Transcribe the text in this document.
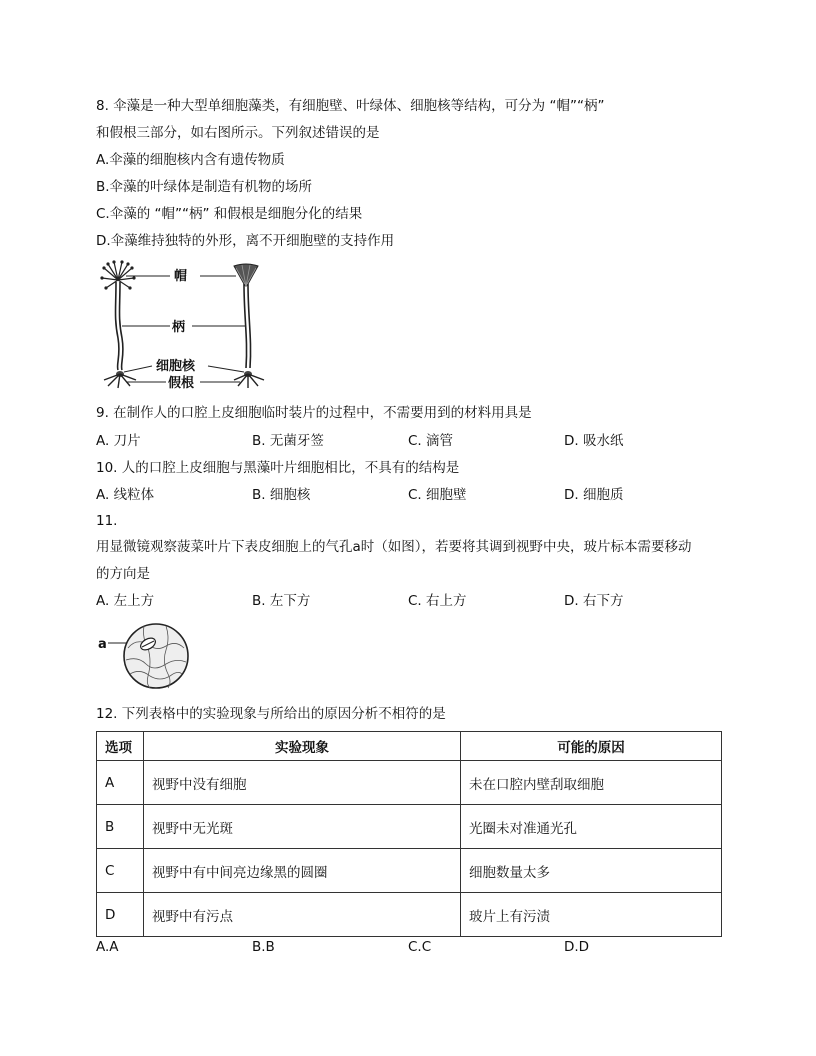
8. 伞藻是一种大型单细胞藻类，有细胞壁、叶绿体、细胞核等结构，可分为 “帽”“柄”
和假根三部分，如右图所示。下列叙述错误的是
A.伞藻的细胞核内含有遗传物质
B.伞藻的叶绿体是制造有机物的场所
C.伞藻的 “帽”“柄” 和假根是细胞分化的结果
D.伞藻维持独特的外形，离不开细胞壁的支持作用
帽
柄
细胞核
假根
9. 在制作人的口腔上皮细胞临时装片的过程中，不需要用到的材料用具是
A. 刀片	B. 无菌牙签	C. 滴管	D. 吸水纸
10. 人的口腔上皮细胞与黑藻叶片细胞相比，不具有的结构是
A. 线粒体	B. 细胞核	C. 细胞壁	D. 细胞质
11.
用显微镜观察菠菜叶片下表皮细胞上的气孔a时（如图），若要将其调到视野中央，玻片标本需要移动
的方向是
A. 左上方	B. 左下方	C. 右上方	D. 右下方
a
12. 下列表格中的实验现象与所给出的原因分析不相符的是
选项	实验现象	可能的原因
A	视野中没有细胞	未在口腔内壁刮取细胞
B	视野中无光斑	光圈未对准通光孔
C	视野中有中间亮边缘黑的圆圈	细胞数量太多
D	视野中有污点	玻片上有污渍
A.A	B.B	C.C	D.D
